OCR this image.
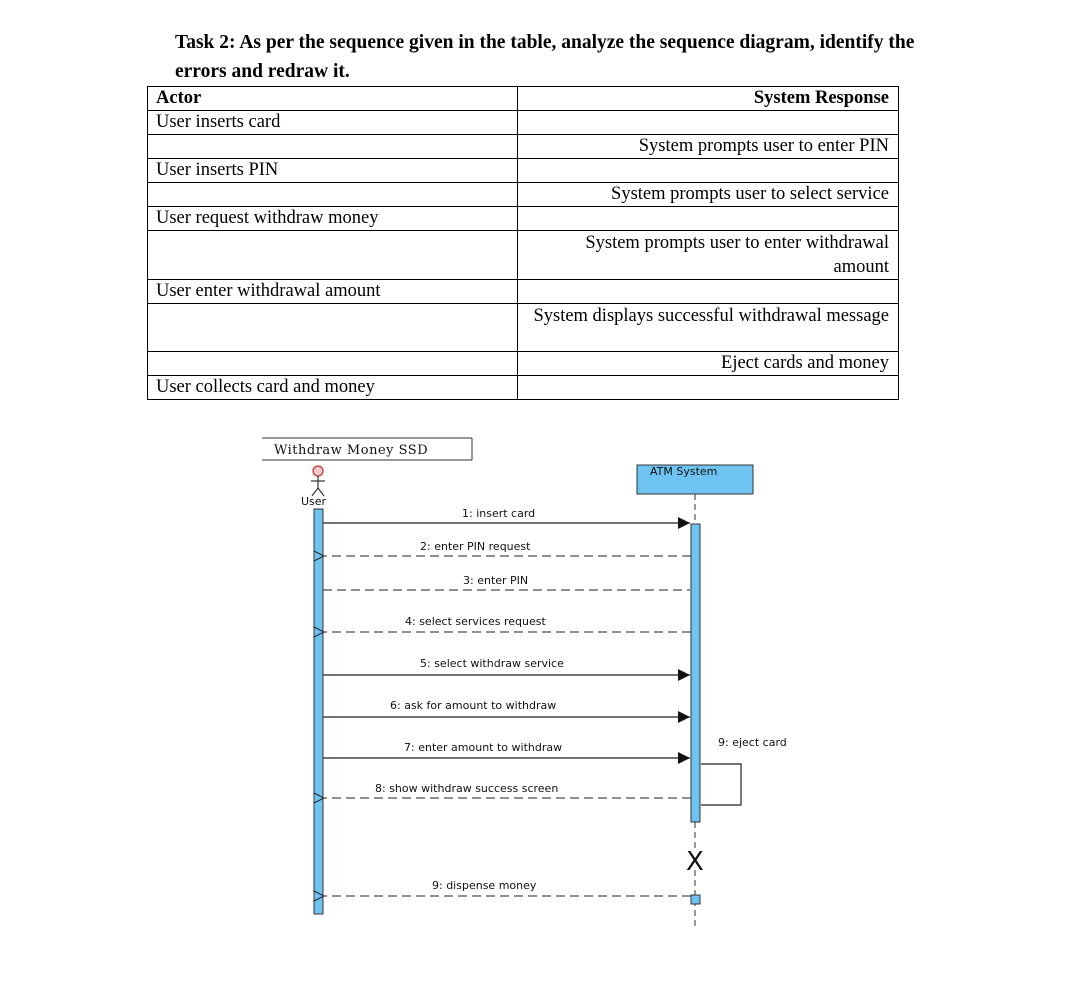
Task 2: As per the sequence given in the table, analyze the sequence diagram, identify the
errors and redraw it.
Actor	System Response
User inserts card	
	System prompts user to enter PIN
User inserts PIN	
	System prompts user to select service
User request withdraw money	
	System prompts user to enter withdrawal amount
User enter withdrawal amount	
	System displays successful withdrawal message
	Eject cards and money
User collects card and money	
Withdraw Money SSD
User
ATM System
X
1: insert card
2: enter PIN request
3: enter PIN
4: select services request
5: select withdraw service
6: ask for amount to withdraw
7: enter amount to withdraw
8: show withdraw success screen
9: eject card
9: dispense money
